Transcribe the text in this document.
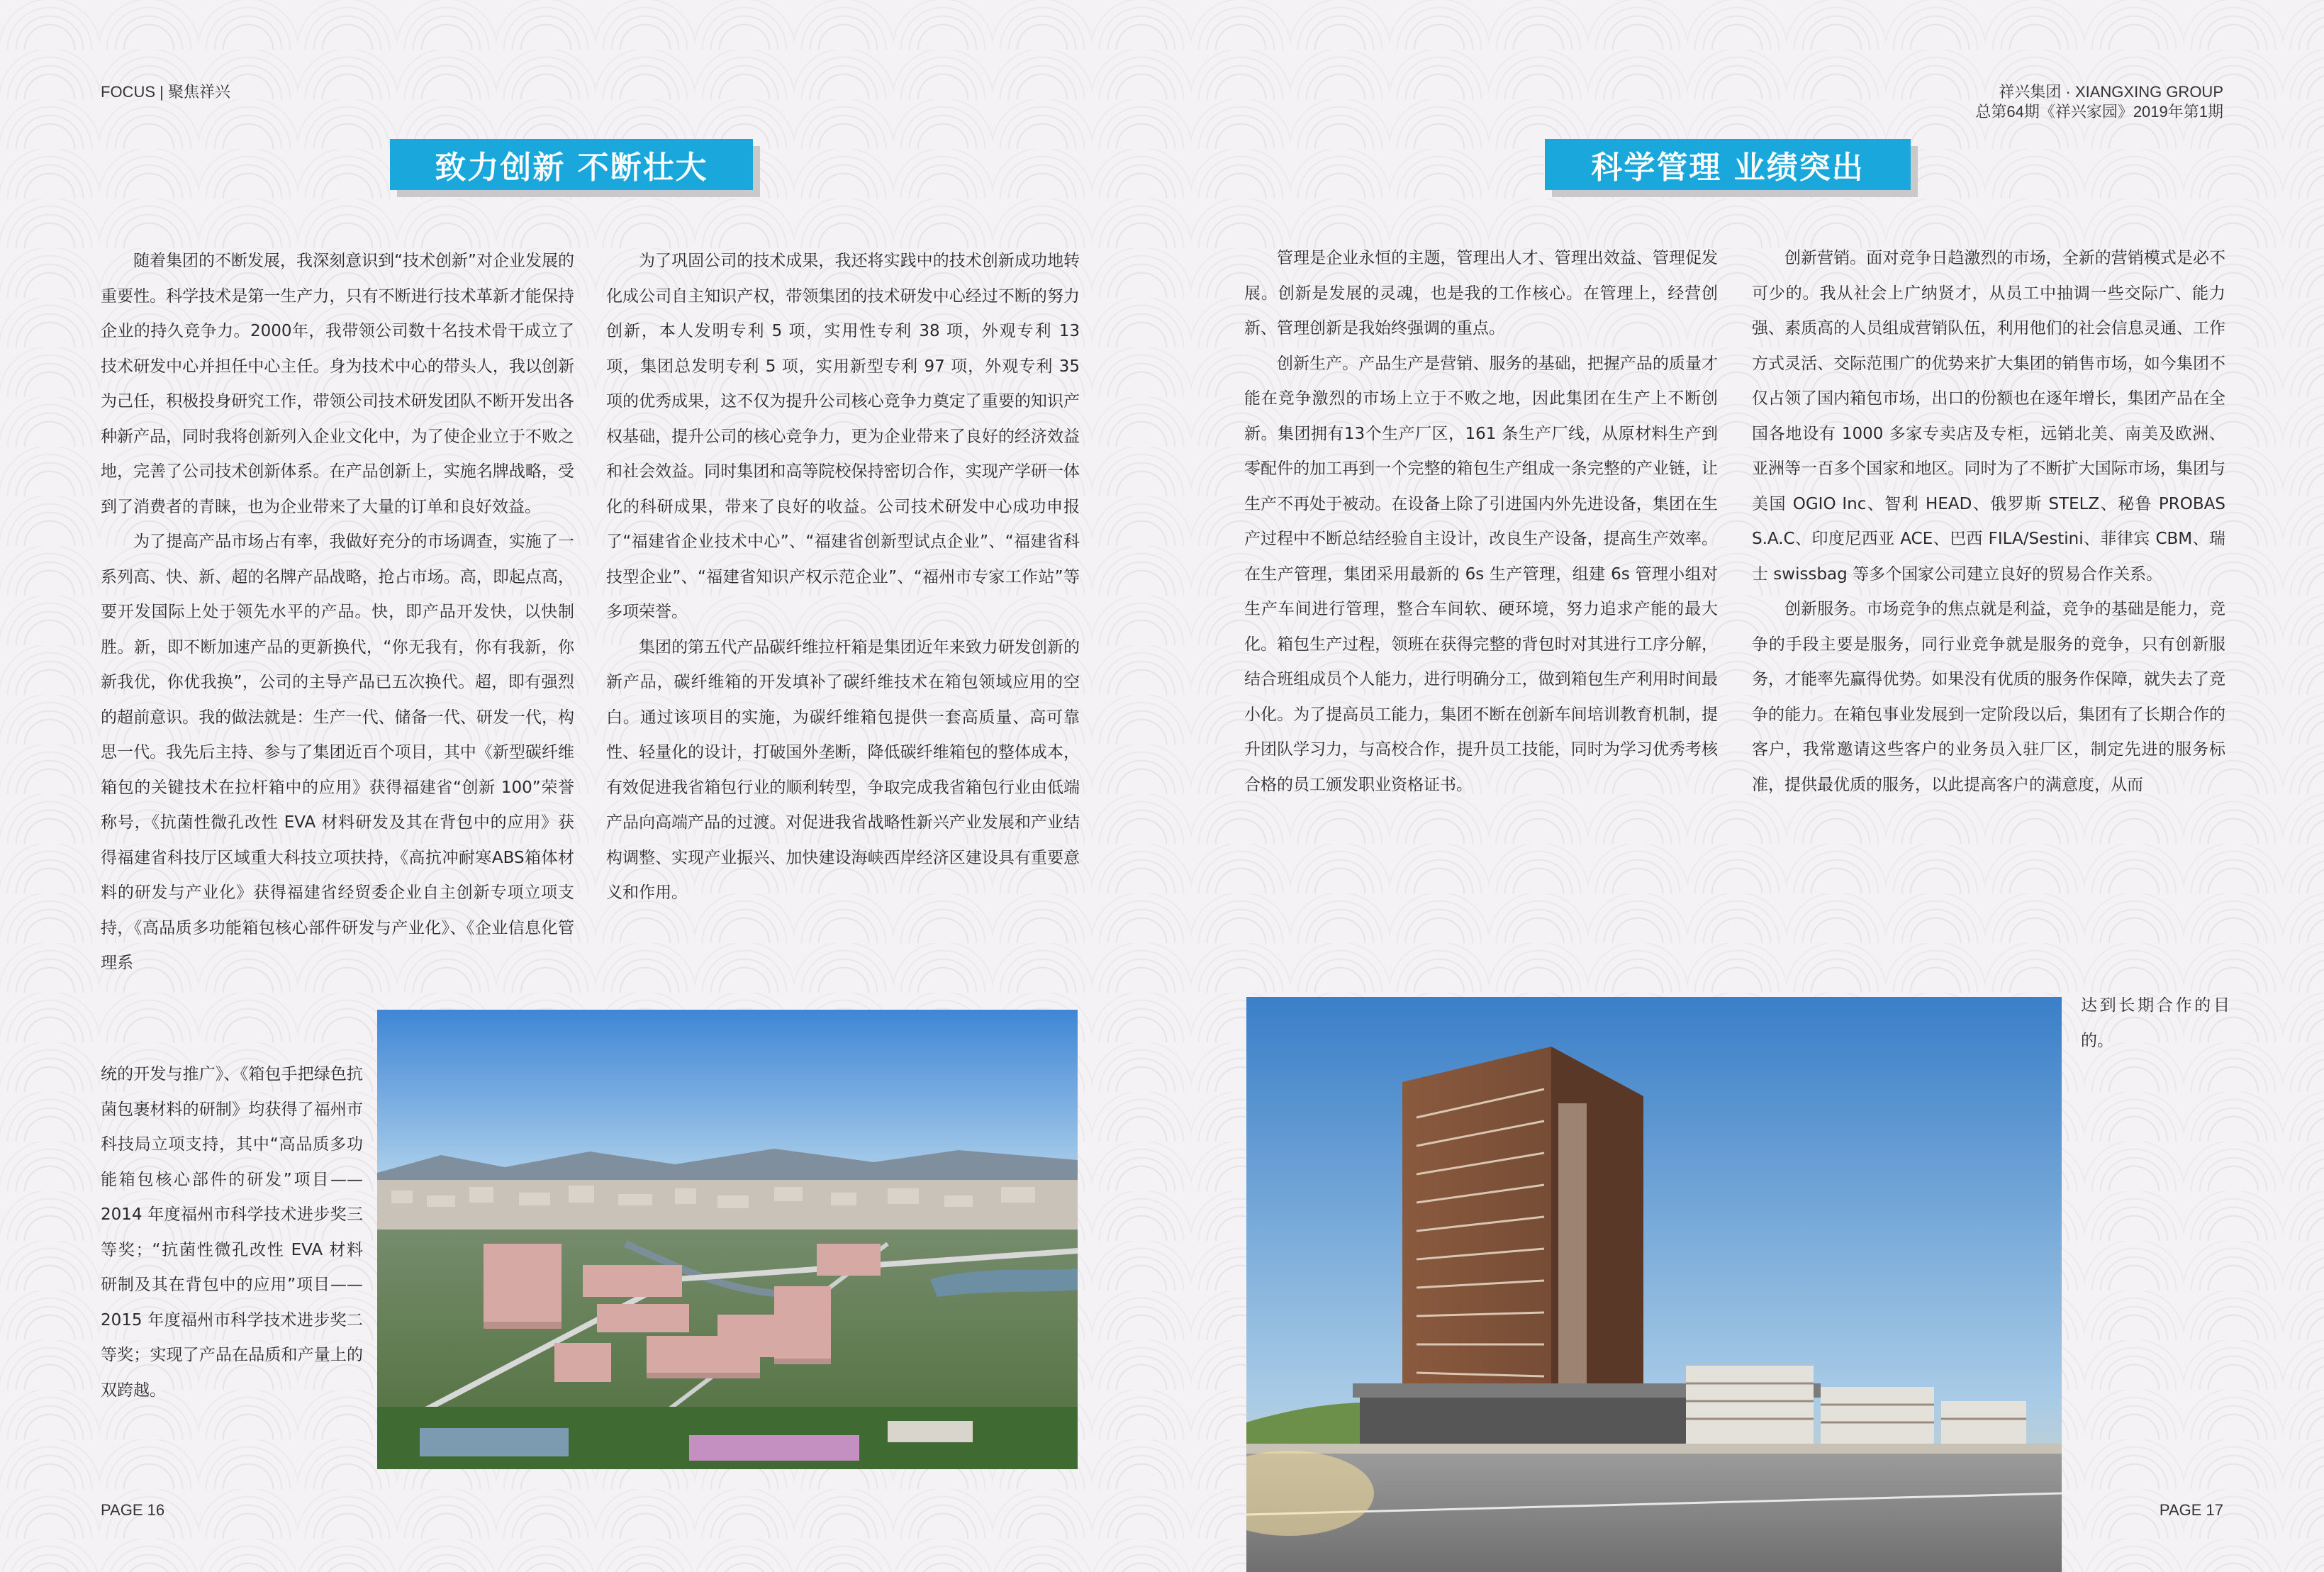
FOCUS | 聚焦祥兴
致力创新 不断壮大

随着集团的不断发展，我深刻意识到“技术创新”对企业发展的重要性。科学技术是第一生产力，只有不断进行技术革新才能保持企业的持久竞争力。2000年，我带领公司数十名技术骨干成立了技术研发中心并担任中心主任。身为技术中心的带头人，我以创新为己任，积极投身研究工作，带领公司技术研发团队不断开发出各种新产品，同时我将创新列入企业文化中，为了使企业立于不败之地，完善了公司技术创新体系。在产品创新上，实施名牌战略，受到了消费者的青睐，也为企业带来了大量的订单和良好效益。

为了提高产品市场占有率，我做好充分的市场调查，实施了一系列高、快、新、超的名牌产品战略，抢占市场。高，即起点高，要开发国际上处于领先水平的产品。快，即产品开发快，以快制胜。新，即不断加速产品的更新换代，“你无我有，你有我新，你新我优，你优我换”，公司的主导产品已五次换代。超，即有强烈的超前意识。我的做法就是：生产一代、储备一代、研发一代，构思一代。我先后主持、参与了集团近百个项目，其中《新型碳纤维箱包的关键技术在拉杆箱中的应用》获得福建省“创新 100”荣誉称号，《抗菌性微孔改性 EVA 材料研发及其在背包中的应用》获得福建省科技厅区域重大科技立项扶持，《高抗冲耐寒ABS箱体材料的研发与产业化》获得福建省经贸委企业自主创新专项立项支持，《高品质多功能箱包核心部件研发与产业化》、《企业信息化管理系

统的开发与推广》、《箱包手把绿色抗菌包裹材料的研制》均获得了福州市科技局立项支持，其中“高品质多功能箱包核心部件的研发”项目——2014 年度福州市科学技术进步奖三等奖；“抗菌性微孔改性 EVA 材料研制及其在背包中的应用”项目——2015 年度福州市科学技术进步奖二等奖；实现了产品在品质和产量上的双跨越。

为了巩固公司的技术成果，我还将实践中的技术创新成功地转化成公司自主知识产权，带领集团的技术研发中心经过不断的努力创新，本人发明专利 5 项，实用性专利 38 项，外观专利 13 项，集团总发明专利 5 项，实用新型专利 97 项，外观专利 35 项的优秀成果，这不仅为提升公司核心竞争力奠定了重要的知识产权基础，提升公司的核心竞争力，更为企业带来了良好的经济效益和社会效益。同时集团和高等院校保持密切合作，实现产学研一体化的科研成果，带来了良好的收益。公司技术研发中心成功申报了“福建省企业技术中心”、“福建省创新型试点企业”、“福建省科技型企业”、“福建省知识产权示范企业”、“福州市专家工作站”等多项荣誉。

集团的第五代产品碳纤维拉杆箱是集团近年来致力研发创新的新产品，碳纤维箱的开发填补了碳纤维技术在箱包领域应用的空白。通过该项目的实施，为碳纤维箱包提供一套高质量、高可靠性、轻量化的设计，打破国外垄断，降低碳纤维箱包的整体成本，有效促进我省箱包行业的顺利转型，争取完成我省箱包行业由低端产品向高端产品的过渡。对促进我省战略性新兴产业发展和产业结构调整、实现产业振兴、加快建设海峡西岸经济区建设具有重要意义和作用。

PAGE 16
祥兴集团 · XIANGXING GROUP
总第64期《祥兴家园》2019年第1期
科学管理 业绩突出

管理是企业永恒的主题，管理出人才、管理出效益、管理促发展。创新是发展的灵魂，也是我的工作核心。在管理上，经营创新、管理创新是我始终强调的重点。

创新生产。产品生产是营销、服务的基础，把握产品的质量才能在竞争激烈的市场上立于不败之地，因此集团在生产上不断创新。集团拥有13个生产厂区，161 条生产厂线，从原材料生产到零配件的加工再到一个完整的箱包生产组成一条完整的产业链，让生产不再处于被动。在设备上除了引进国内外先进设备，集团在生产过程中不断总结经验自主设计，改良生产设备，提高生产效率。在生产管理，集团采用最新的 6s 生产管理，组建 6s 管理小组对生产车间进行管理，整合车间软、硬环境，努力追求产能的最大化。箱包生产过程，领班在获得完整的背包时对其进行工序分解，结合班组成员个人能力，进行明确分工，做到箱包生产利用时间最小化。为了提高员工能力，集团不断在创新车间培训教育机制，提升团队学习力，与高校合作，提升员工技能，同时为学习优秀考核合格的员工颁发职业资格证书。

创新营销。面对竞争日趋激烈的市场，全新的营销模式是必不可少的。我从社会上广纳贤才，从员工中抽调一些交际广、能力强、素质高的人员组成营销队伍，利用他们的社会信息灵通、工作方式灵活、交际范围广的优势来扩大集团的销售市场，如今集团不仅占领了国内箱包市场，出口的份额也在逐年增长，集团产品在全国各地设有 1000 多家专卖店及专柜，远销北美、南美及欧洲、亚洲等一百多个国家和地区。同时为了不断扩大国际市场，集团与美国 OGIO Inc、智利 HEAD、俄罗斯 STELZ、秘鲁 PROBAS S.A.C、印度尼西亚 ACE、巴西 FILA/Sestini、菲律宾 CBM、瑞士 swissbag 等多个国家公司建立良好的贸易合作关系。

创新服务。市场竞争的焦点就是利益，竞争的基础是能力，竞争的手段主要是服务，同行业竞争就是服务的竞争，只有创新服务，才能率先赢得优势。如果没有优质的服务作保障，就失去了竞争的能力。在箱包事业发展到一定阶段以后，集团有了长期合作的客户，我常邀请这些客户的业务员入驻厂区，制定先进的服务标准，提供最优质的服务，以此提高客户的满意度，从而

达到长期合作的目的。

PAGE 17
